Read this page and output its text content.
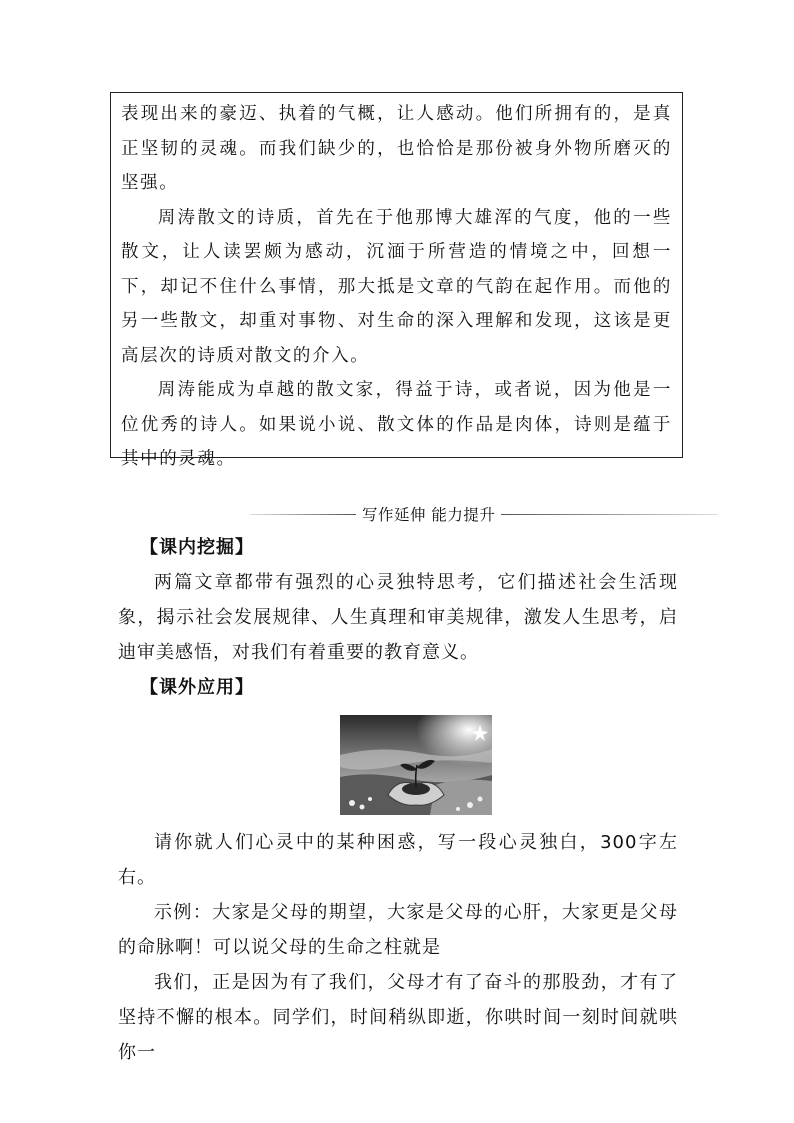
表现出来的豪迈、执着的气概，让人感动。他们所拥有的，是真正坚韧的灵魂。而我们缺少的，也恰恰是那份被身外物所磨灭的坚强。

周涛散文的诗质，首先在于他那博大雄浑的气度，他的一些散文，让人读罢颇为感动，沉湎于所营造的情境之中，回想一下，却记不住什么事情，那大抵是文章的气韵在起作用。而他的另一些散文，却重对事物、对生命的深入理解和发现，这该是更高层次的诗质对散文的介入。

周涛能成为卓越的散文家，得益于诗，或者说，因为他是一位优秀的诗人。如果说小说、散文体的作品是肉体，诗则是蕴于其中的灵魂。

写作延伸 能力提升

【课内挖掘】

两篇文章都带有强烈的心灵独特思考，它们描述社会生活现象，揭示社会发展规律、人生真理和审美规律，激发人生思考，启迪审美感悟，对我们有着重要的教育意义。

【课外应用】

请你就人们心灵中的某种困惑，写一段心灵独白，300字左右。

示例：大家是父母的期望，大家是父母的心肝，大家更是父母的命脉啊！可以说父母的生命之柱就是

我们，正是因为有了我们，父母才有了奋斗的那股劲，才有了坚持不懈的根本。同学们，时间稍纵即逝，你哄时间一刻时间就哄你一
